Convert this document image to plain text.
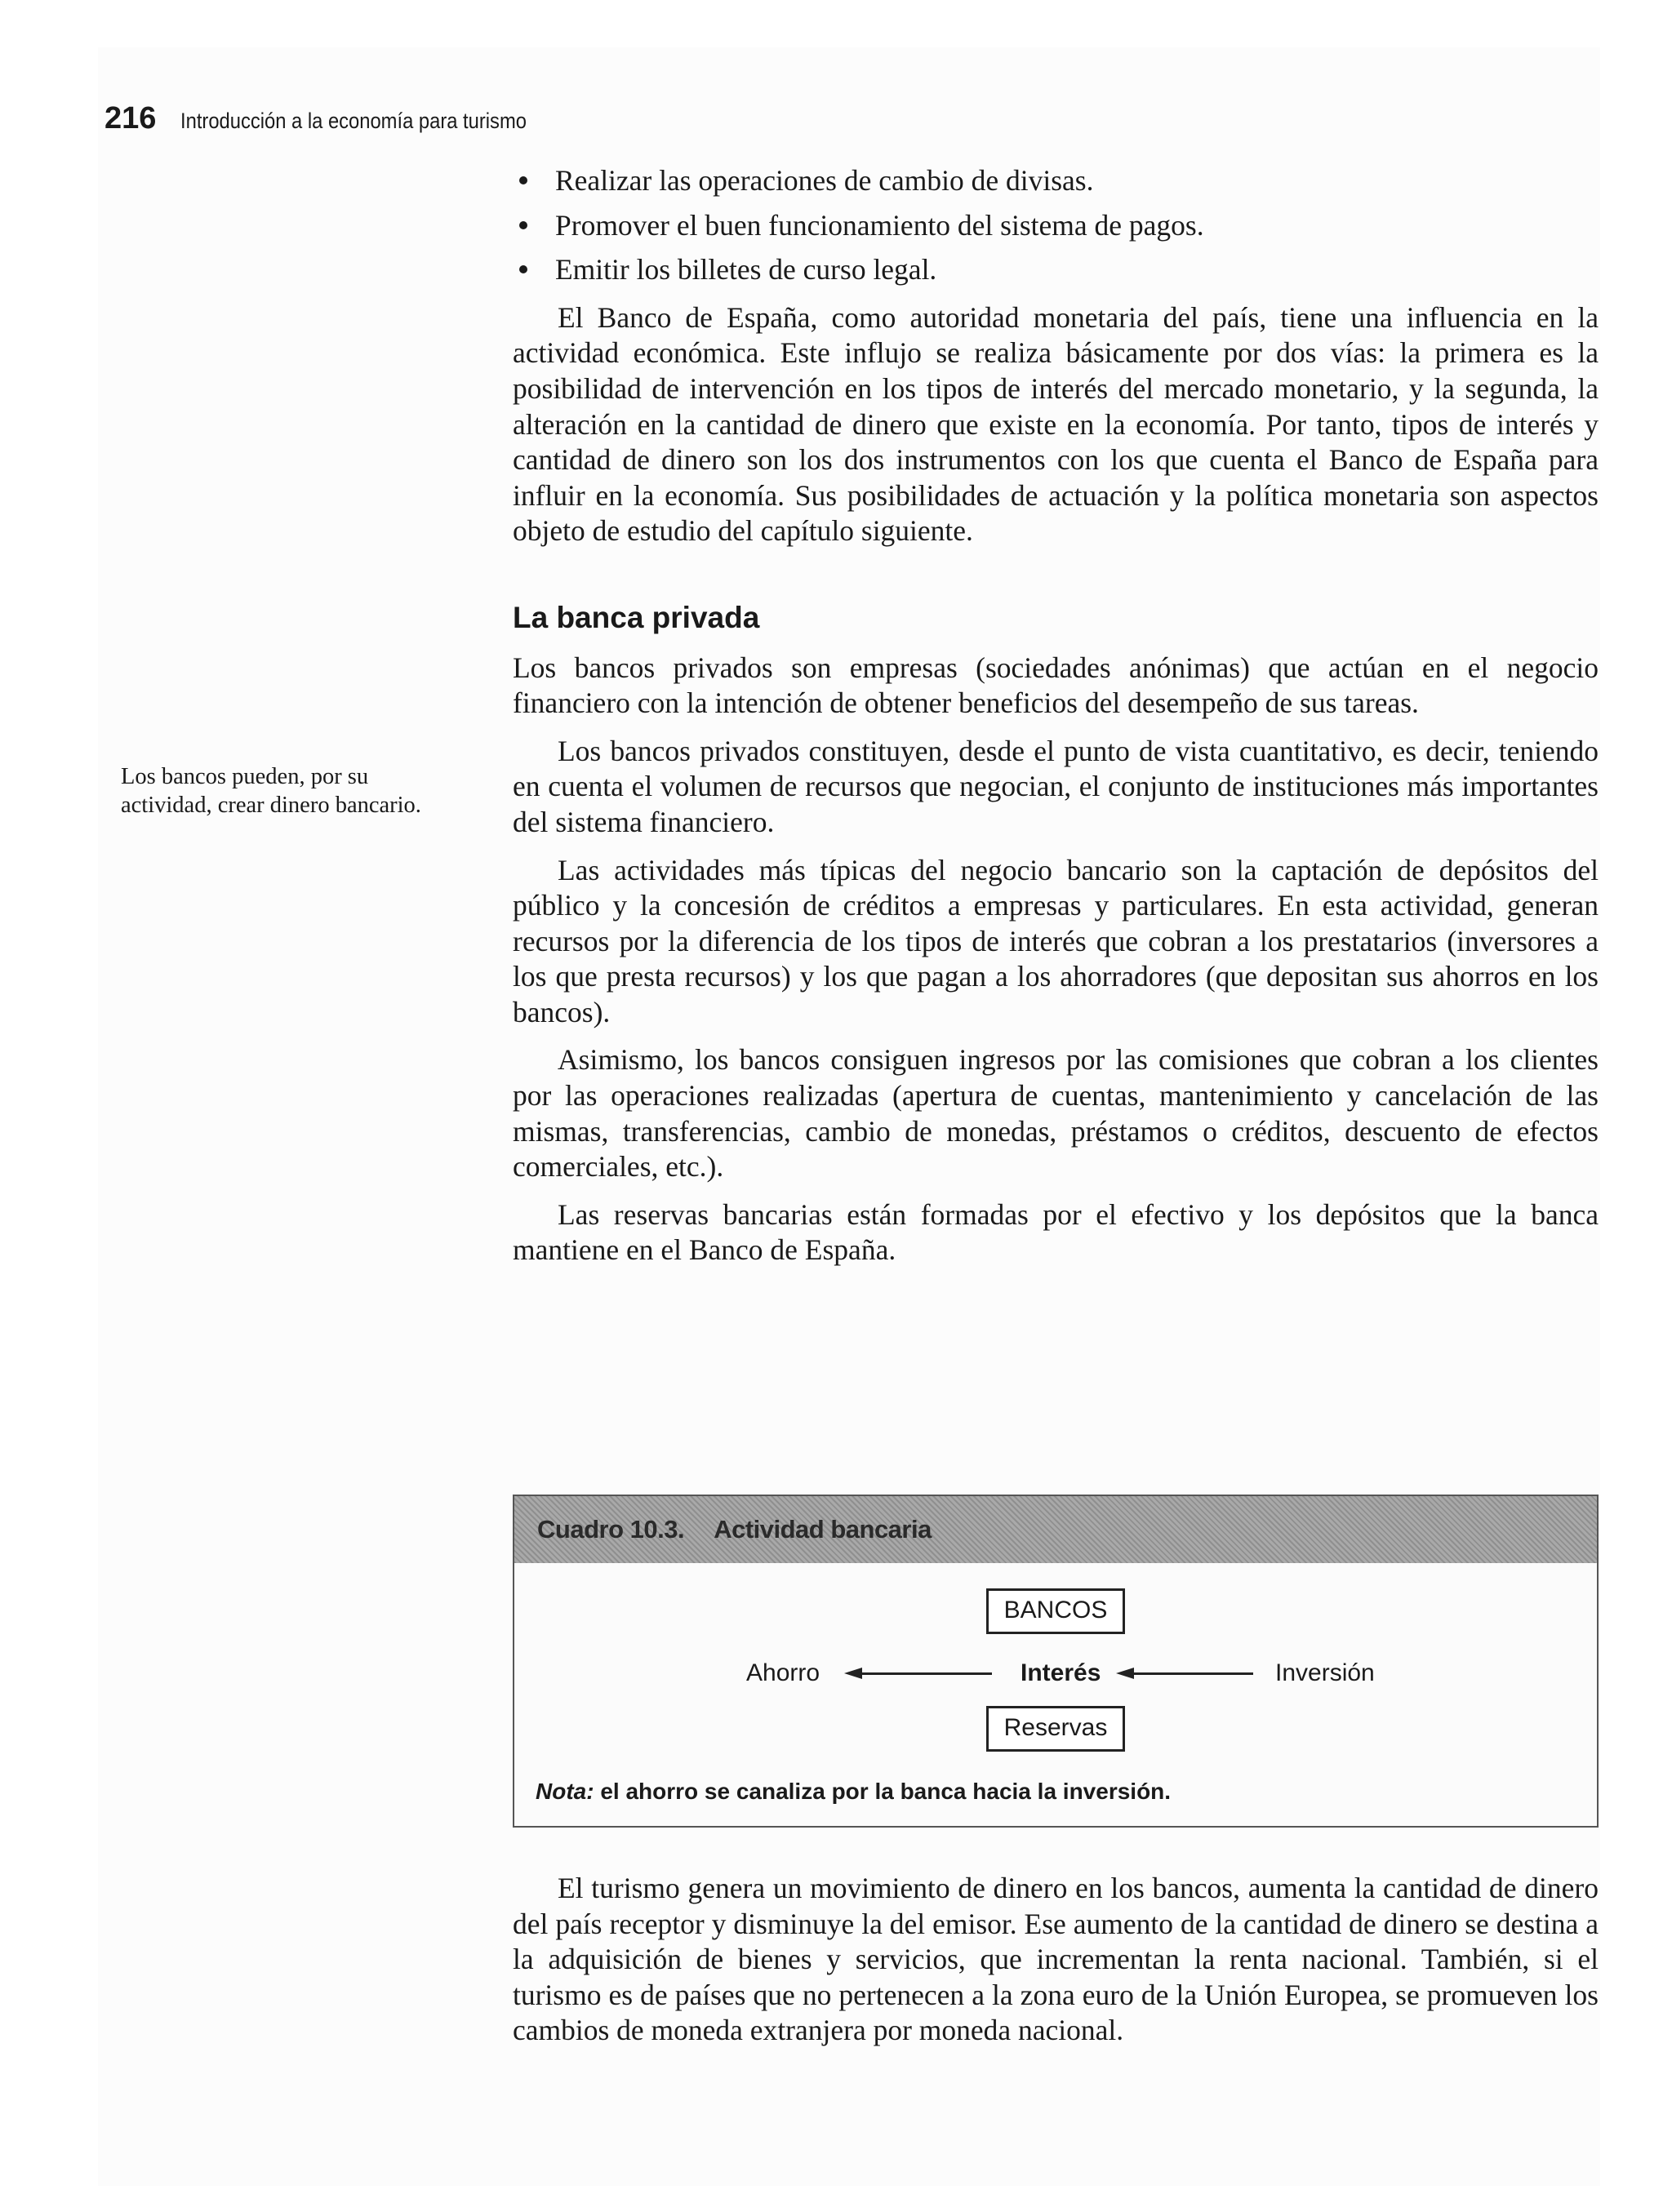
216 Introducción a la economía para turismo
Realizar las operaciones de cambio de divisas.
Promover el buen funcionamiento del sistema de pagos.
Emitir los billetes de curso legal.

El Banco de España, como autoridad monetaria del país, tiene una influencia en la actividad económica. Este influjo se realiza básicamente por dos vías: la primera es la posibilidad de intervención en los tipos de interés del mercado monetario, y la segunda, la alteración en la cantidad de dinero que existe en la economía. Por tanto, tipos de interés y cantidad de dinero son los dos instrumentos con los que cuenta el Banco de España para influir en la economía. Sus posibilidades de actuación y la política monetaria son aspectos objeto de estudio del capítulo siguiente.

La banca privada

Los bancos privados son empresas (sociedades anónimas) que actúan en el negocio financiero con la intención de obtener beneficios del desempeño de sus tareas.

Los bancos privados constituyen, desde el punto de vista cuantitativo, es decir, teniendo en cuenta el volumen de recursos que negocian, el conjunto de instituciones más importantes del sistema financiero.

Las actividades más típicas del negocio bancario son la captación de depósitos del público y la concesión de créditos a empresas y particulares. En esta actividad, generan recursos por la diferencia de los tipos de interés que cobran a los prestatarios (inversores a los que presta recursos) y los que pagan a los ahorradores (que depositan sus ahorros en los bancos).

Asimismo, los bancos consiguen ingresos por las comisiones que cobran a los clientes por las operaciones realizadas (apertura de cuentas, mantenimiento y cancelación de las mismas, transferencias, cambio de monedas, préstamos o créditos, descuento de efectos comerciales, etc.).

Las reservas bancarias están formadas por el efectivo y los depósitos que la banca mantiene en el Banco de España.

Los bancos pueden, por su actividad, crear dinero bancario.
Cuadro 10.3. Actividad bancaria
BANCOS
Ahorro	Interés	Inversión
Reservas
Nota: el ahorro se canaliza por la banca hacia la inversión.

El turismo genera un movimiento de dinero en los bancos, aumenta la cantidad de dinero del país receptor y disminuye la del emisor. Ese aumento de la cantidad de dinero se destina a la adquisición de bienes y servicios, que incrementan la renta nacional. También, si el turismo es de países que no pertenecen a la zona euro de la Unión Europea, se promueven los cambios de moneda extranjera por moneda nacional.
